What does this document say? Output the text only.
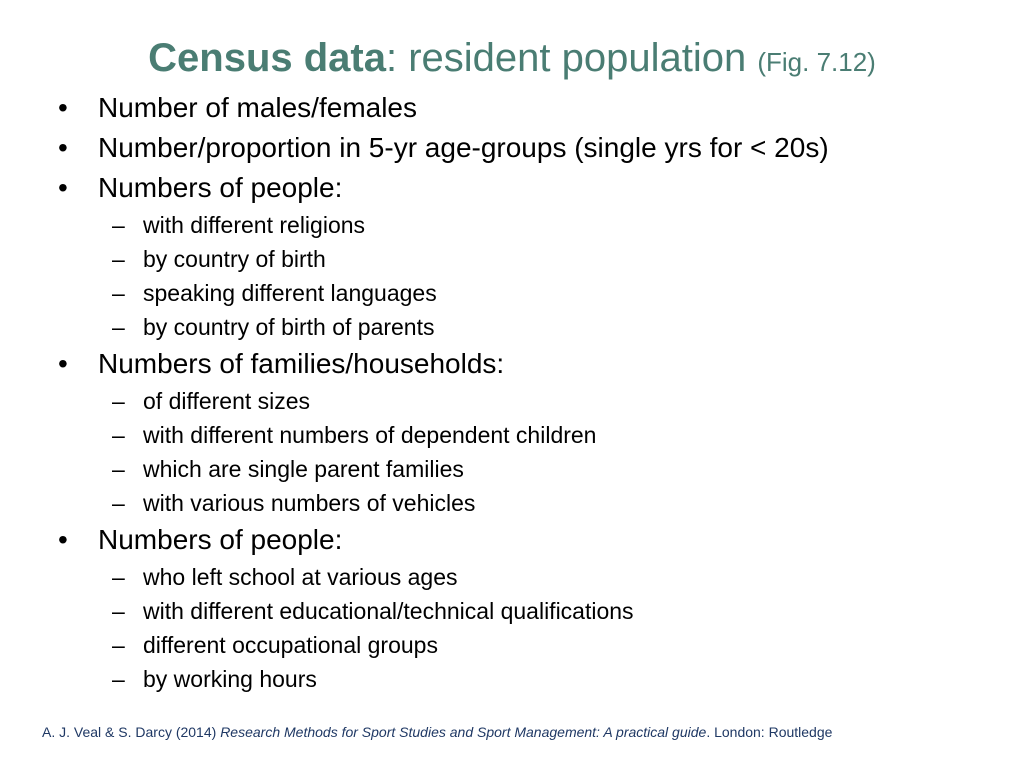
Census data: resident population (Fig. 7.12)
• Number of males/females
• Number/proportion in 5-yr age-groups (single yrs for < 20s)
• Numbers of people:
– with different religions
– by country of birth
– speaking different languages
– by country of birth of parents
• Numbers of families/households:
– of different sizes
– with different numbers of dependent children
– which are single parent families
– with various numbers of vehicles
• Numbers of people:
– who left school at various ages
– with different educational/technical qualifications
– different occupational groups
– by working hours
A. J. Veal & S. Darcy (2014) Research Methods for Sport Studies and Sport Management: A practical guide. London: Routledge
